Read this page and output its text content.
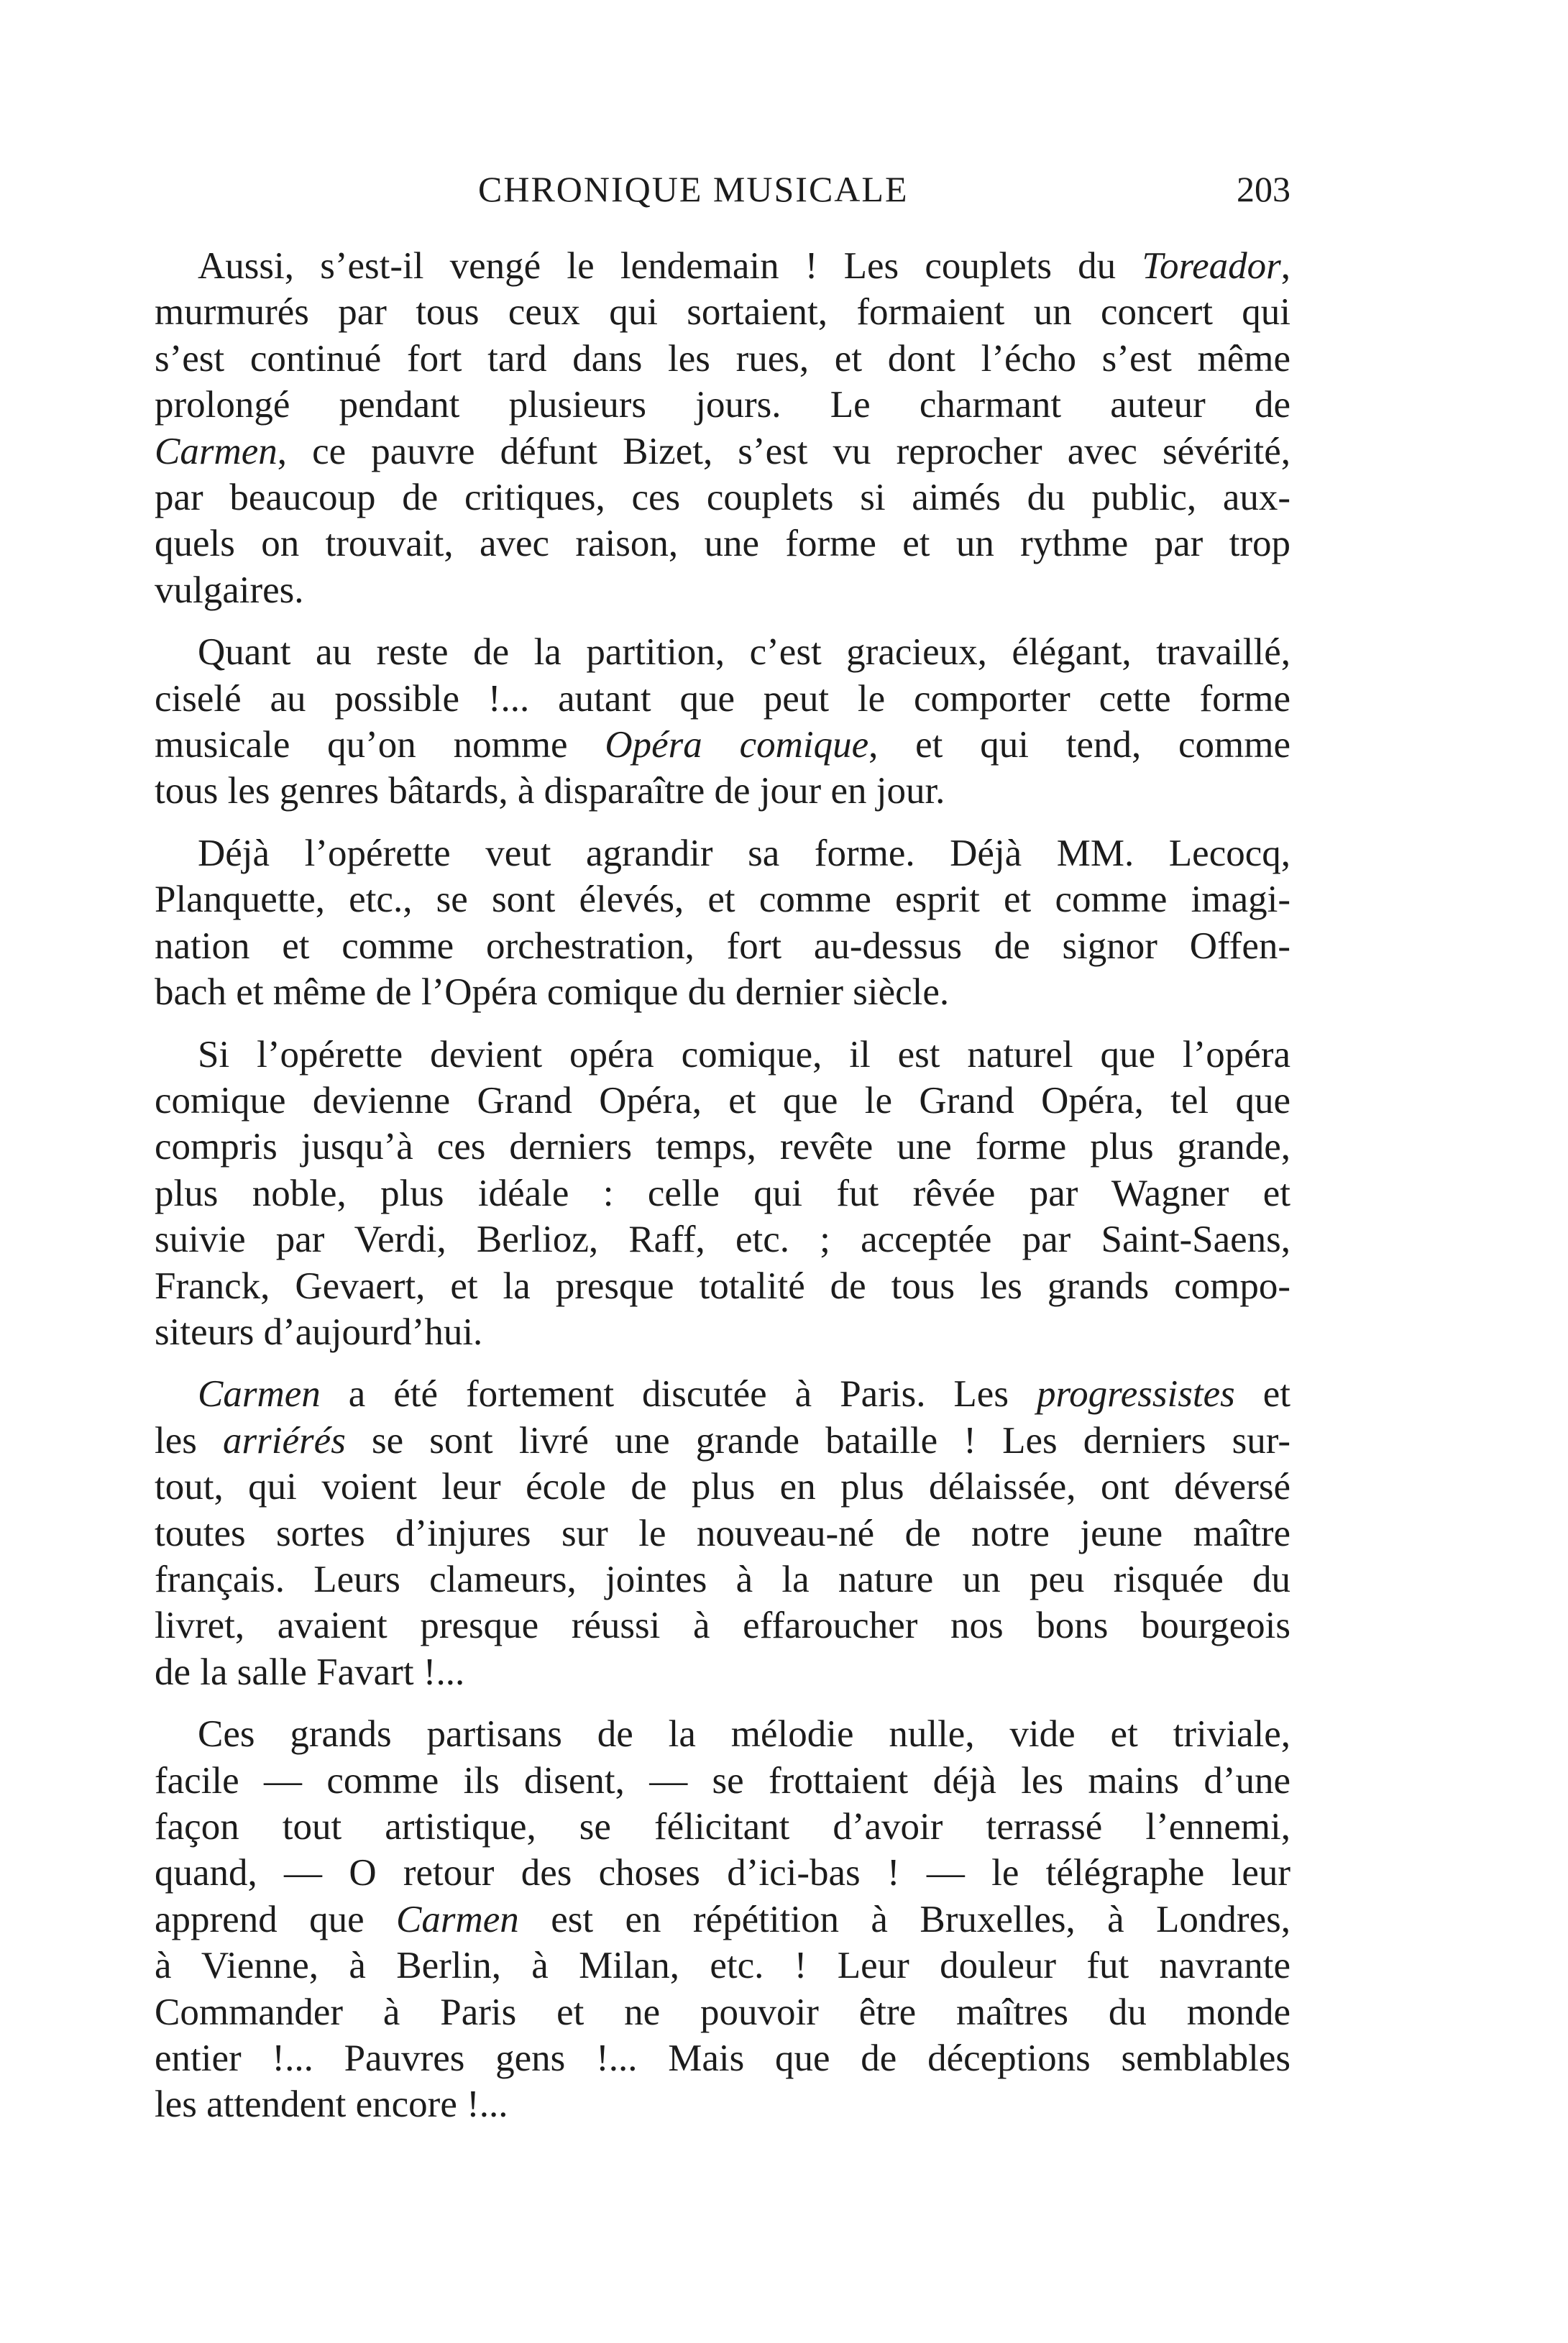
CHRONIQUE MUSICALE	203
Aussi, s’est-il vengé le lendemain ! Les couplets du Toreador,
murmurés par tous ceux qui sortaient, formaient un concert qui
s’est continué fort tard dans les rues, et dont l’écho s’est même
prolongé pendant plusieurs jours. Le charmant auteur de
Carmen, ce pauvre défunt Bizet, s’est vu reprocher avec sévérité,
par beaucoup de critiques, ces couplets si aimés du public, aux-
quels on trouvait, avec raison, une forme et un rythme par trop
vulgaires.
Quant au reste de la partition, c’est gracieux, élégant, travaillé,
ciselé au possible !... autant que peut le comporter cette forme
musicale qu’on nomme Opéra comique, et qui tend, comme
tous les genres bâtards, à disparaître de jour en jour.
Déjà l’opérette veut agrandir sa forme. Déjà MM. Lecocq,
Planquette, etc., se sont élevés, et comme esprit et comme imagi-
nation et comme orchestration, fort au-dessus de signor Offen-
bach et même de l’Opéra comique du dernier siècle.
Si l’opérette devient opéra comique, il est naturel que l’opéra
comique devienne Grand Opéra, et que le Grand Opéra, tel que
compris jusqu’à ces derniers temps, revête une forme plus grande,
plus noble, plus idéale : celle qui fut rêvée par Wagner et
suivie par Verdi, Berlioz, Raff, etc. ; acceptée par Saint-Saens,
Franck, Gevaert, et la presque totalité de tous les grands compo-
siteurs d’aujourd’hui.
Carmen a été fortement discutée à Paris. Les progressistes et
les arriérés se sont livré une grande bataille ! Les derniers sur-
tout, qui voient leur école de plus en plus délaissée, ont déversé
toutes sortes d’injures sur le nouveau-né de notre jeune maître
français. Leurs clameurs, jointes à la nature un peu risquée du
livret, avaient presque réussi à effaroucher nos bons bourgeois
de la salle Favart !...
Ces grands partisans de la mélodie nulle, vide et triviale,
facile — comme ils disent, — se frottaient déjà les mains d’une
façon tout artistique, se félicitant d’avoir terrassé l’ennemi,
quand, — O retour des choses d’ici-bas ! — le télégraphe leur
apprend que Carmen est en répétition à Bruxelles, à Londres,
à Vienne, à Berlin, à Milan, etc. ! Leur douleur fut navrante
Commander à Paris et ne pouvoir être maîtres du monde
entier !... Pauvres gens !... Mais que de déceptions semblables
les attendent encore !...
